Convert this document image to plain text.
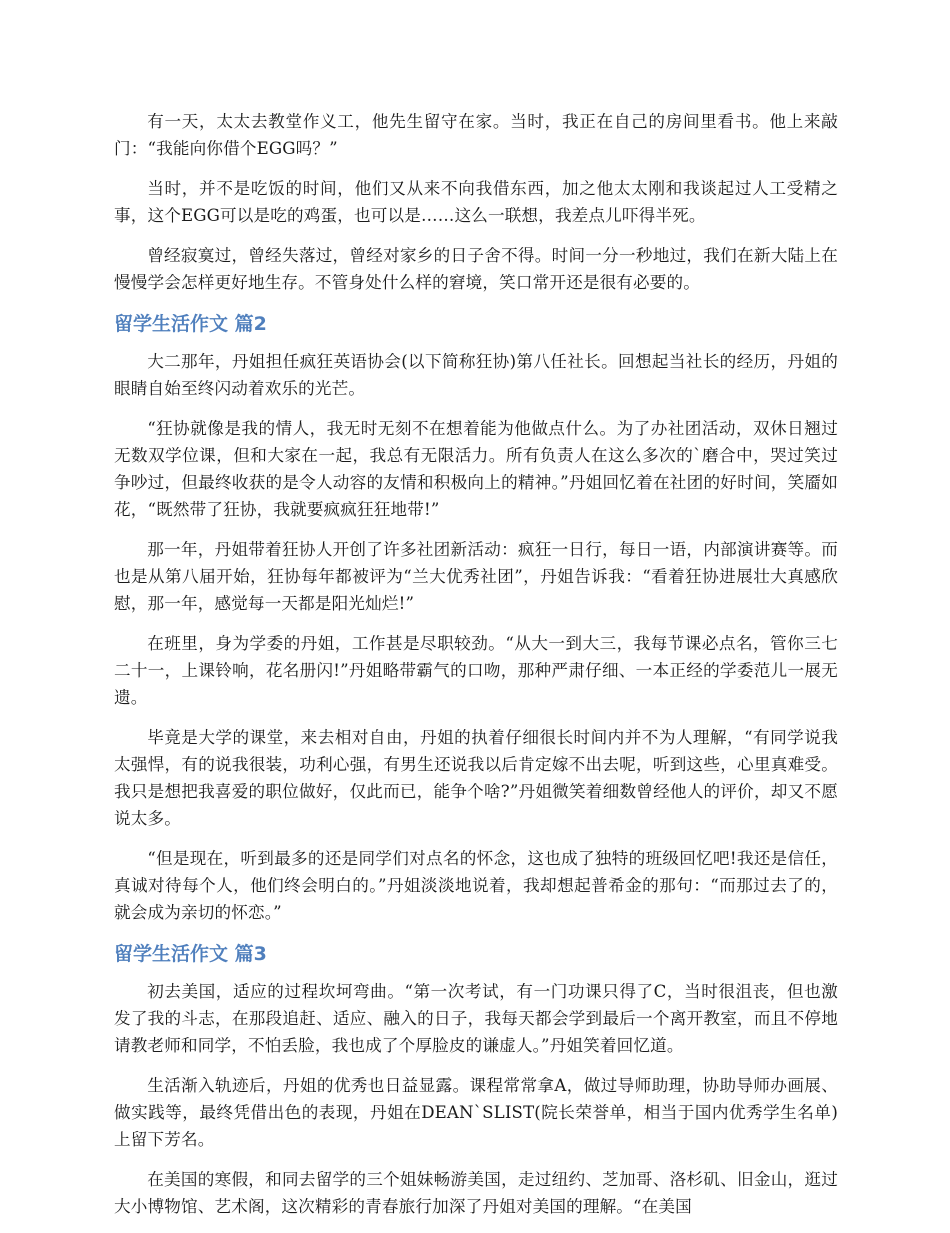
有一天，太太去教堂作义工，他先生留守在家。当时，我正在自己的房间里看书。他上来敲门：“我能向你借个EGG吗？”

当时，并不是吃饭的时间，他们又从来不向我借东西，加之他太太刚和我谈起过人工受精之事，这个EGG可以是吃的鸡蛋，也可以是……这么一联想，我差点儿吓得半死。

曾经寂寞过，曾经失落过，曾经对家乡的日子舍不得。时间一分一秒地过，我们在新大陆上在慢慢学会怎样更好地生存。不管身处什么样的窘境，笑口常开还是很有必要的。

留学生活作文 篇2

大二那年，丹姐担任疯狂英语协会(以下简称狂协)第八任社长。回想起当社长的经历，丹姐的眼睛自始至终闪动着欢乐的光芒。

“狂协就像是我的情人，我无时无刻不在想着能为他做点什么。为了办社团活动，双休日翘过无数双学位课，但和大家在一起，我总有无限活力。所有负责人在这么多次的`磨合中，哭过笑过争吵过，但最终收获的是令人动容的友情和积极向上的精神。”丹姐回忆着在社团的好时间，笑靥如花，“既然带了狂协，我就要疯疯狂狂地带!”

那一年，丹姐带着狂协人开创了许多社团新活动：疯狂一日行，每日一语，内部演讲赛等。而也是从第八届开始，狂协每年都被评为“兰大优秀社团”，丹姐告诉我：“看着狂协进展壮大真感欣慰，那一年，感觉每一天都是阳光灿烂!”

在班里，身为学委的丹姐，工作甚是尽职较劲。“从大一到大三，我每节课必点名，管你三七二十一，上课铃响，花名册闪!”丹姐略带霸气的口吻，那种严肃仔细、一本正经的学委范儿一展无遗。

毕竟是大学的课堂，来去相对自由，丹姐的执着仔细很长时间内并不为人理解，“有同学说我太强悍，有的说我很装，功利心强，有男生还说我以后肯定嫁不出去呢，听到这些，心里真难受。我只是想把我喜爱的职位做好，仅此而已，能争个啥?”丹姐微笑着细数曾经他人的评价，却又不愿说太多。

“但是现在，听到最多的还是同学们对点名的怀念，这也成了独特的班级回忆吧!我还是信任，真诚对待每个人，他们终会明白的。”丹姐淡淡地说着，我却想起普希金的那句：“而那过去了的，就会成为亲切的怀恋。”

留学生活作文 篇3

初去美国，适应的过程坎坷弯曲。“第一次考试，有一门功课只得了C，当时很沮丧，但也激发了我的斗志，在那段追赶、适应、融入的日子，我每天都会学到最后一个离开教室，而且不停地请教老师和同学，不怕丢脸，我也成了个厚脸皮的谦虚人。”丹姐笑着回忆道。

生活渐入轨迹后，丹姐的优秀也日益显露。课程常常拿A，做过导师助理，协助导师办画展、做实践等，最终凭借出色的表现，丹姐在DEAN`SLIST(院长荣誉单，相当于国内优秀学生名单)上留下芳名。

在美国的寒假，和同去留学的三个姐妹畅游美国，走过纽约、芝加哥、洛杉矶、旧金山，逛过大小博物馆、艺术阁，这次精彩的青春旅行加深了丹姐对美国的理解。“在美国
